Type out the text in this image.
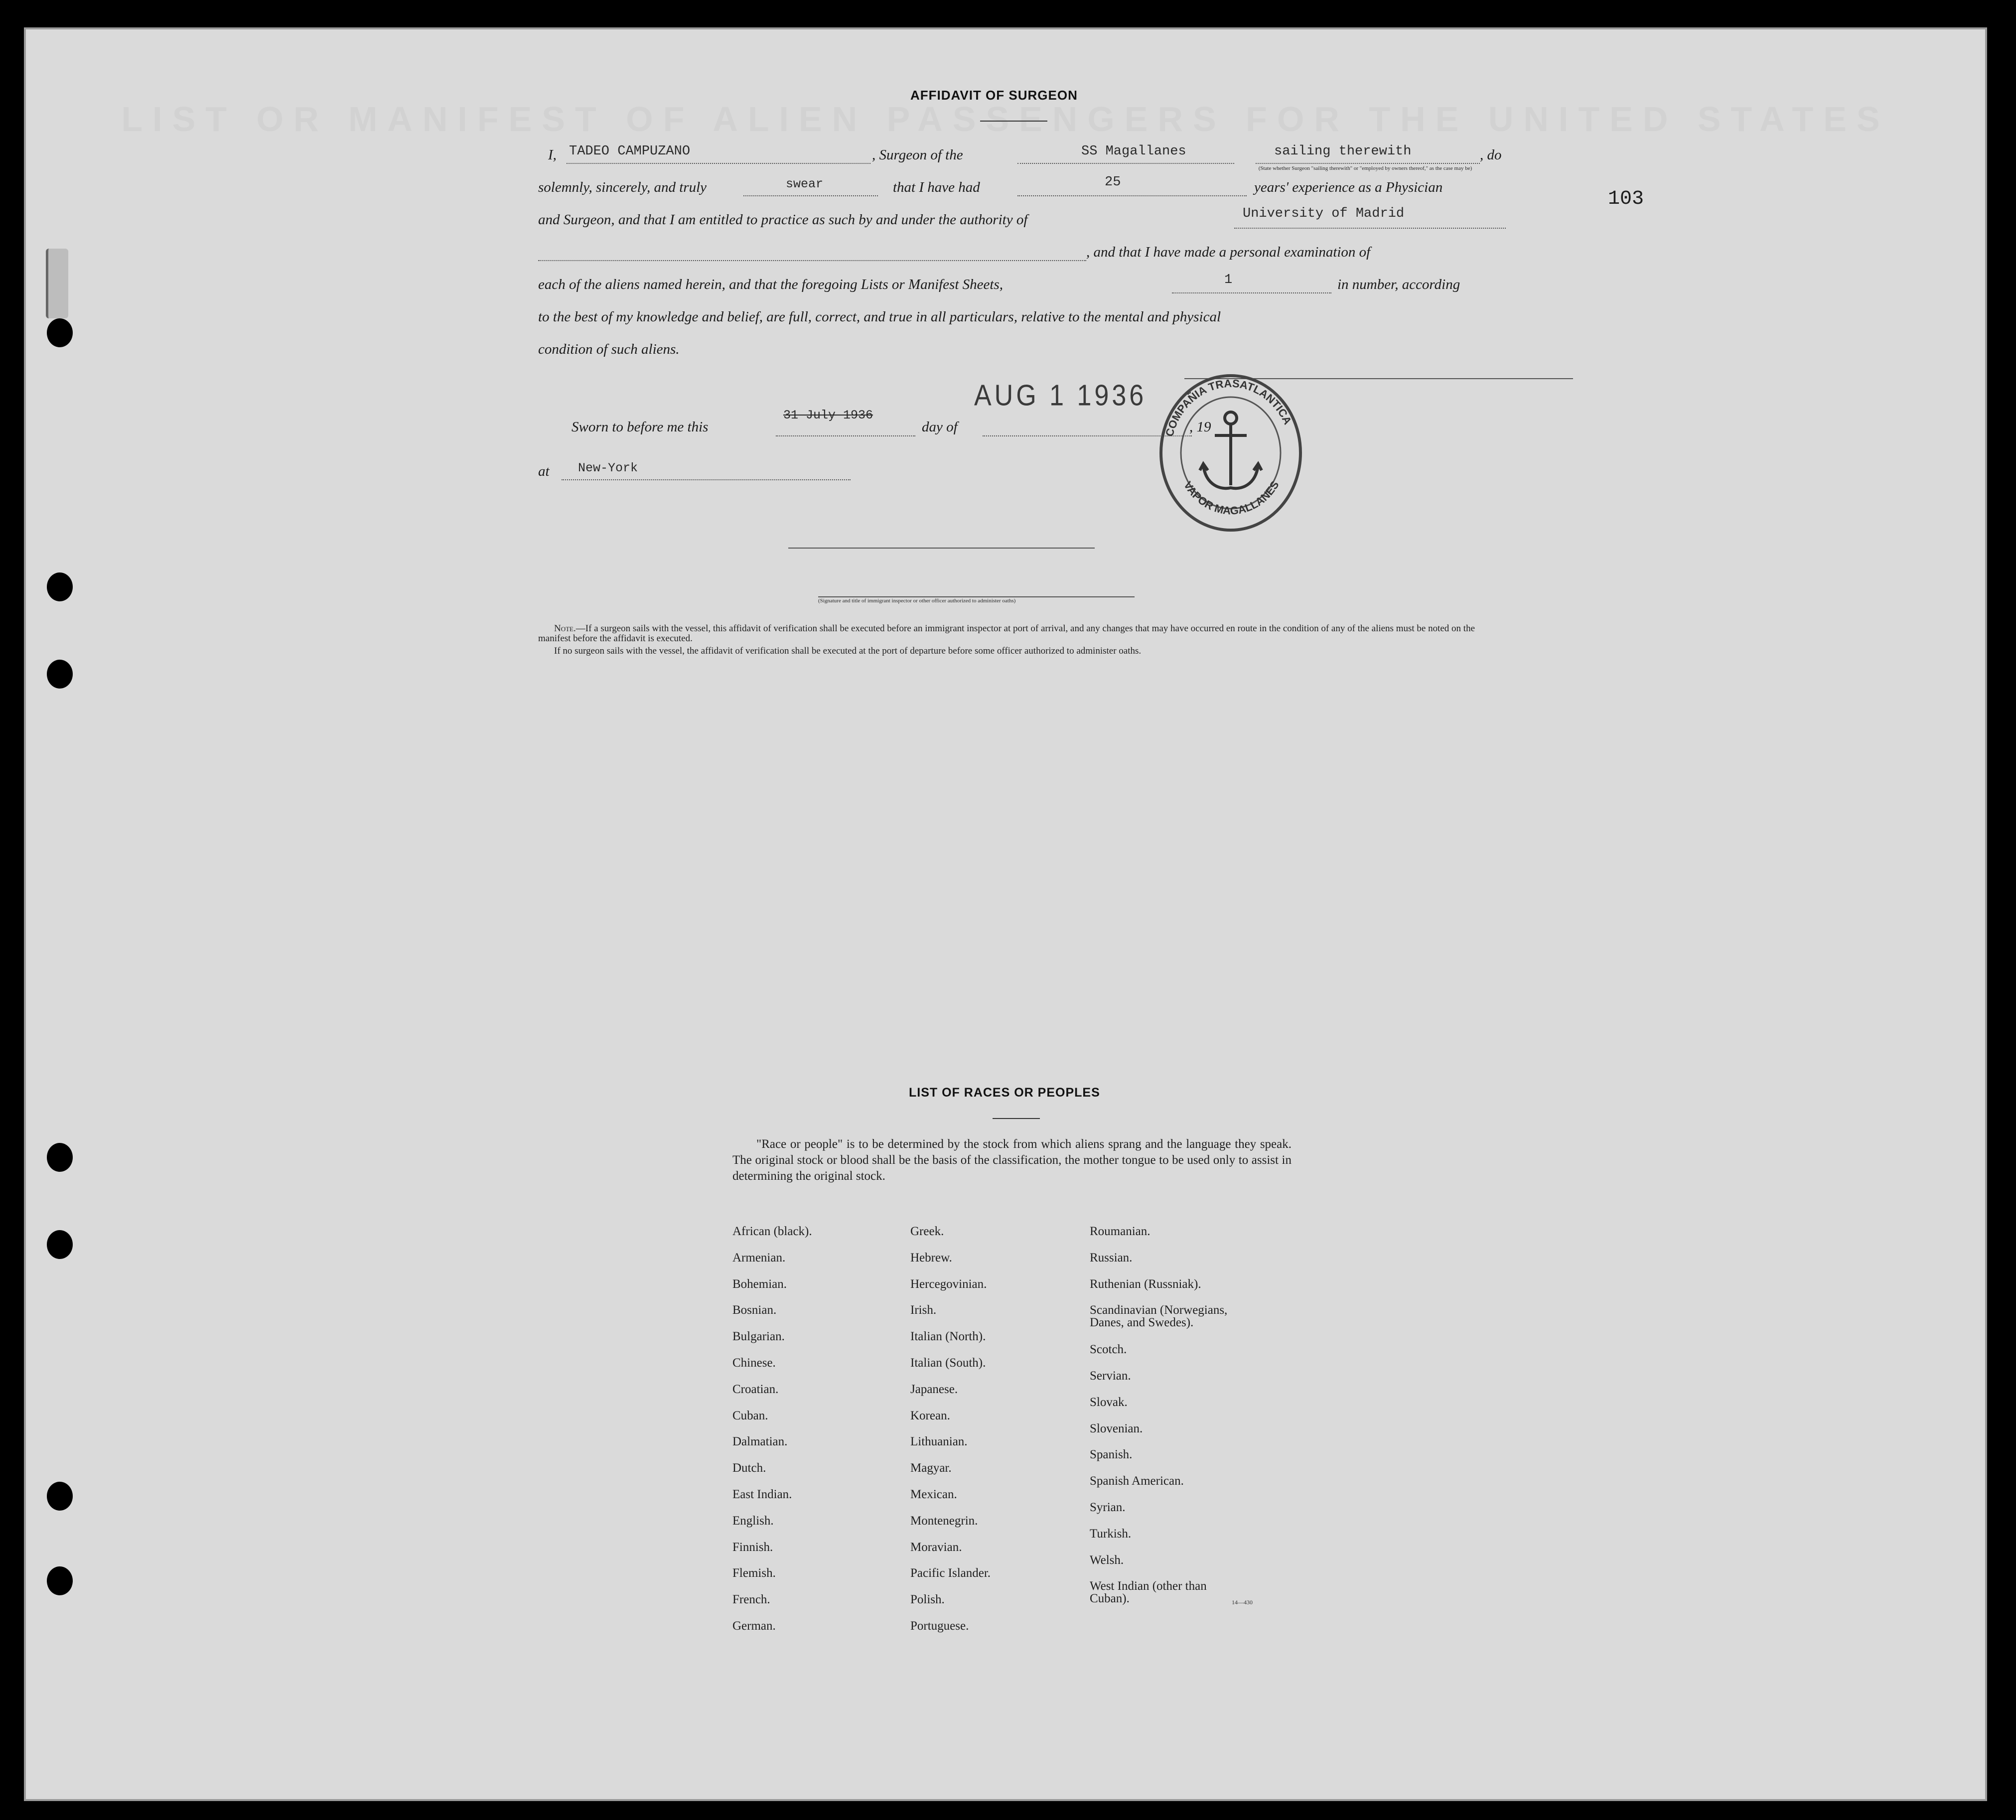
LIST OR MANIFEST OF ALIEN PASSENGERS FOR THE UNITED STATES
103
AFFIDAVIT OF SURGEON
I, TADEO CAMPUZANO	, Surgeon of the	SS Magallanes	sailing therewith	, do
(State whether Surgeon "sailing therewith" or "employed by owners thereof," as the case may be)
solemnly, sincerely, and truly	swear	that I have had	25	years' experience as a Physician
and Surgeon, and that I am entitled to practice as such by and under the authority of	University of Madrid
, and that I have made a personal examination of
each of the aliens named herein, and that the foregoing Lists or Manifest Sheets,	1	in number, according
to the best of my knowledge and belief, are full, correct, and true in all particulars, relative to the mental and physical
condition of such aliens.
Sworn to before me this
31 July 1936
day of
AUG 1 1936
, 19
at New-York
COMPAÑIA TRASATLANTICA
VAPOR MAGALLANES
(Signature and title of immigrant inspector or other officer authorized to administer oaths)
Note.—If a surgeon sails with the vessel, this affidavit of verification shall be executed before an immigrant inspector at port of arrival, and any changes that may have occurred en route in the condition of any of the aliens must be noted on the manifest before the affidavit is executed.
If no surgeon sails with the vessel, the affidavit of verification shall be executed at the port of departure before some officer authorized to administer oaths.
LIST OF RACES OR PEOPLES
"Race or people" is to be determined by the stock from which aliens sprang and the language they speak. The original stock or blood shall be the basis of the classification, the mother tongue to be used only to assist in determining the original stock.
14—430
African (black).
Armenian.
Bohemian.
Bosnian.
Bulgarian.
Chinese.
Croatian.
Cuban.
Dalmatian.
Dutch.
East Indian.
English.
Finnish.
Flemish.
French.
German.
Greek.
Hebrew.
Hercegovinian.
Irish.
Italian (North).
Italian (South).
Japanese.
Korean.
Lithuanian.
Magyar.
Mexican.
Montenegrin.
Moravian.
Pacific Islander.
Polish.
Portuguese.
Roumanian.
Russian.
Ruthenian (Russniak).
Scandinavian (Norwegians,
Danes, and Swedes).
Scotch.
Servian.
Slovak.
Slovenian.
Spanish.
Spanish American.
Syrian.
Turkish.
Welsh.
West Indian (other than
Cuban).
